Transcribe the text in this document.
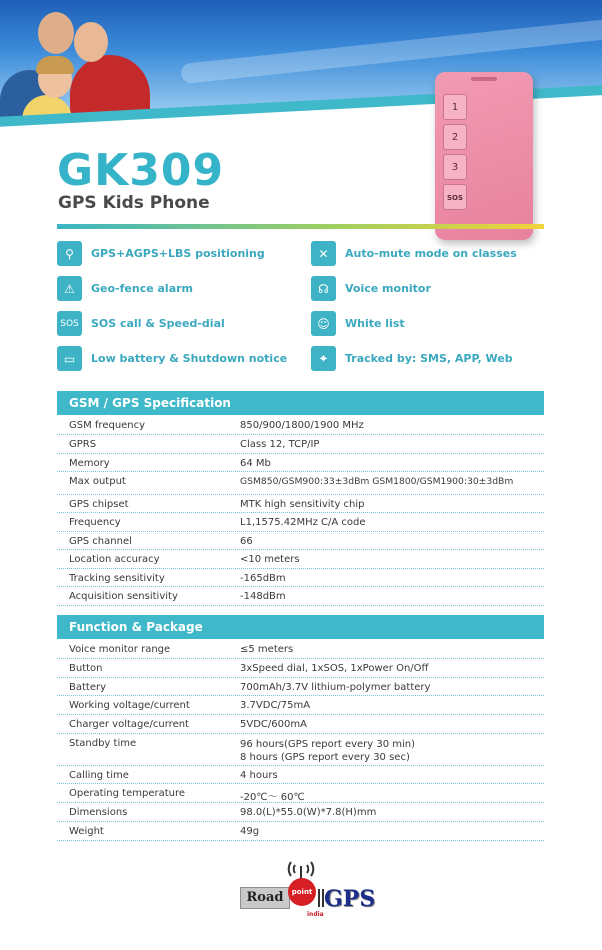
1
2
3
SOS
GK309
GPS Kids Phone
⚲	GPS+AGPS+LBS positioning	✕	Auto-mute mode on classes
⚠	Geo-fence alarm	☊	Voice monitor
SOS SOS call & Speed-dial	☺	White list
▭	Low battery & Shutdown notice	⌖	Tracked by: SMS, APP, Web
GSM / GPS Specification
GSM frequency	850/900/1800/1900 MHz
GPRS	Class 12, TCP/IP
Memory	64 Mb
Max output	GSM850/GSM900:33±3dBm GSM1800/GSM1900:30±3dBm
GPS chipset	MTK high sensitivity chip
Frequency	L1,1575.42MHz C/A code
GPS channel	66
Location accuracy	<10 meters
Tracking sensitivity	-165dBm
Acquisition sensitivity	-148dBm
Function & Package
Voice monitor range	≤5 meters
Button	3xSpeed dial, 1xSOS, 1xPower On/Off
Battery	700mAh/3.7V lithium-polymer battery
Working voltage/current	3.7VDC/75mA
Charger voltage/current	5VDC/600mA
Standby time	96 hours(GPS report every 30 min)
8 hours (GPS report every 30 sec)
Calling time	4 hours
Operating temperature	-20℃～ 60℃
Dimensions	98.0(L)*55.0(W)*7.8(H)mm
Weight	49g
Road	point GPS
india
